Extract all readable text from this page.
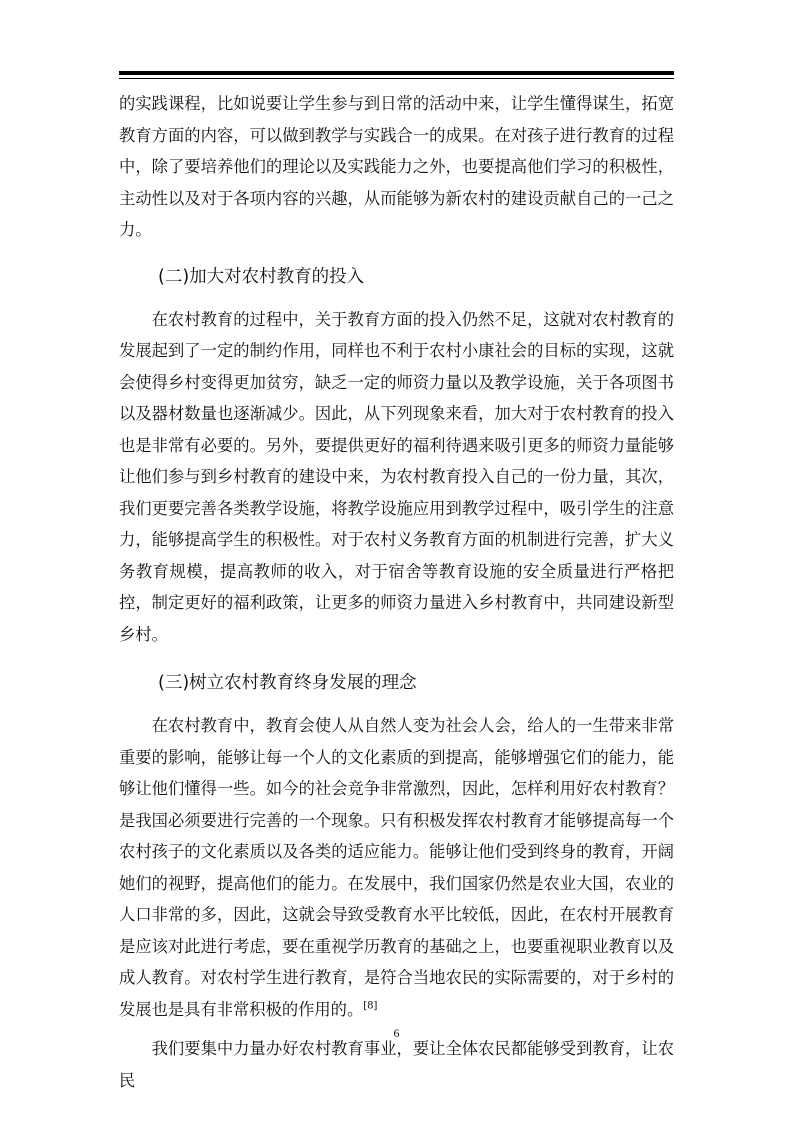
的实践课程，比如说要让学生参与到日常的活动中来，让学生懂得谋生，拓宽教育方面的内容，可以做到教学与实践合一的成果。在对孩子进行教育的过程中，除了要培养他们的理论以及实践能力之外，也要提高他们学习的积极性，主动性以及对于各项内容的兴趣，从而能够为新农村的建设贡献自己的一己之力。

(二)加大对农村教育的投入

在农村教育的过程中，关于教育方面的投入仍然不足，这就对农村教育的发展起到了一定的制约作用，同样也不利于农村小康社会的目标的实现，这就会使得乡村变得更加贫穷，缺乏一定的师资力量以及教学设施，关于各项图书以及器材数量也逐渐减少。因此，从下列现象来看，加大对于农村教育的投入也是非常有必要的。另外，要提供更好的福利待遇来吸引更多的师资力量能够让他们参与到乡村教育的建设中来，为农村教育投入自己的一份力量，其次，我们更要完善各类教学设施，将教学设施应用到教学过程中，吸引学生的注意力，能够提高学生的积极性。对于农村义务教育方面的机制进行完善，扩大义务教育规模，提高教师的收入，对于宿舍等教育设施的安全质量进行严格把控，制定更好的福利政策，让更多的师资力量进入乡村教育中，共同建设新型乡村。

(三)树立农村教育终身发展的理念

在农村教育中，教育会使人从自然人变为社会人会，给人的一生带来非常重要的影响，能够让每一个人的文化素质的到提高，能够增强它们的能力，能够让他们懂得一些。如今的社会竞争非常激烈，因此，怎样利用好农村教育？是我国必须要进行完善的一个现象。只有积极发挥农村教育才能够提高每一个农村孩子的文化素质以及各类的适应能力。能够让他们受到终身的教育，开阔她们的视野，提高他们的能力。在发展中，我们国家仍然是农业大国，农业的人口非常的多，因此，这就会导致受教育水平比较低，因此，在农村开展教育是应该对此进行考虑，要在重视学历教育的基础之上，也要重视职业教育以及成人教育。对农村学生进行教育，是符合当地农民的实际需要的，对于乡村的发展也是具有非常积极的作用的。[8]

我们要集中力量办好农村教育事业，要让全体农民都能够受到教育，让农民

6
